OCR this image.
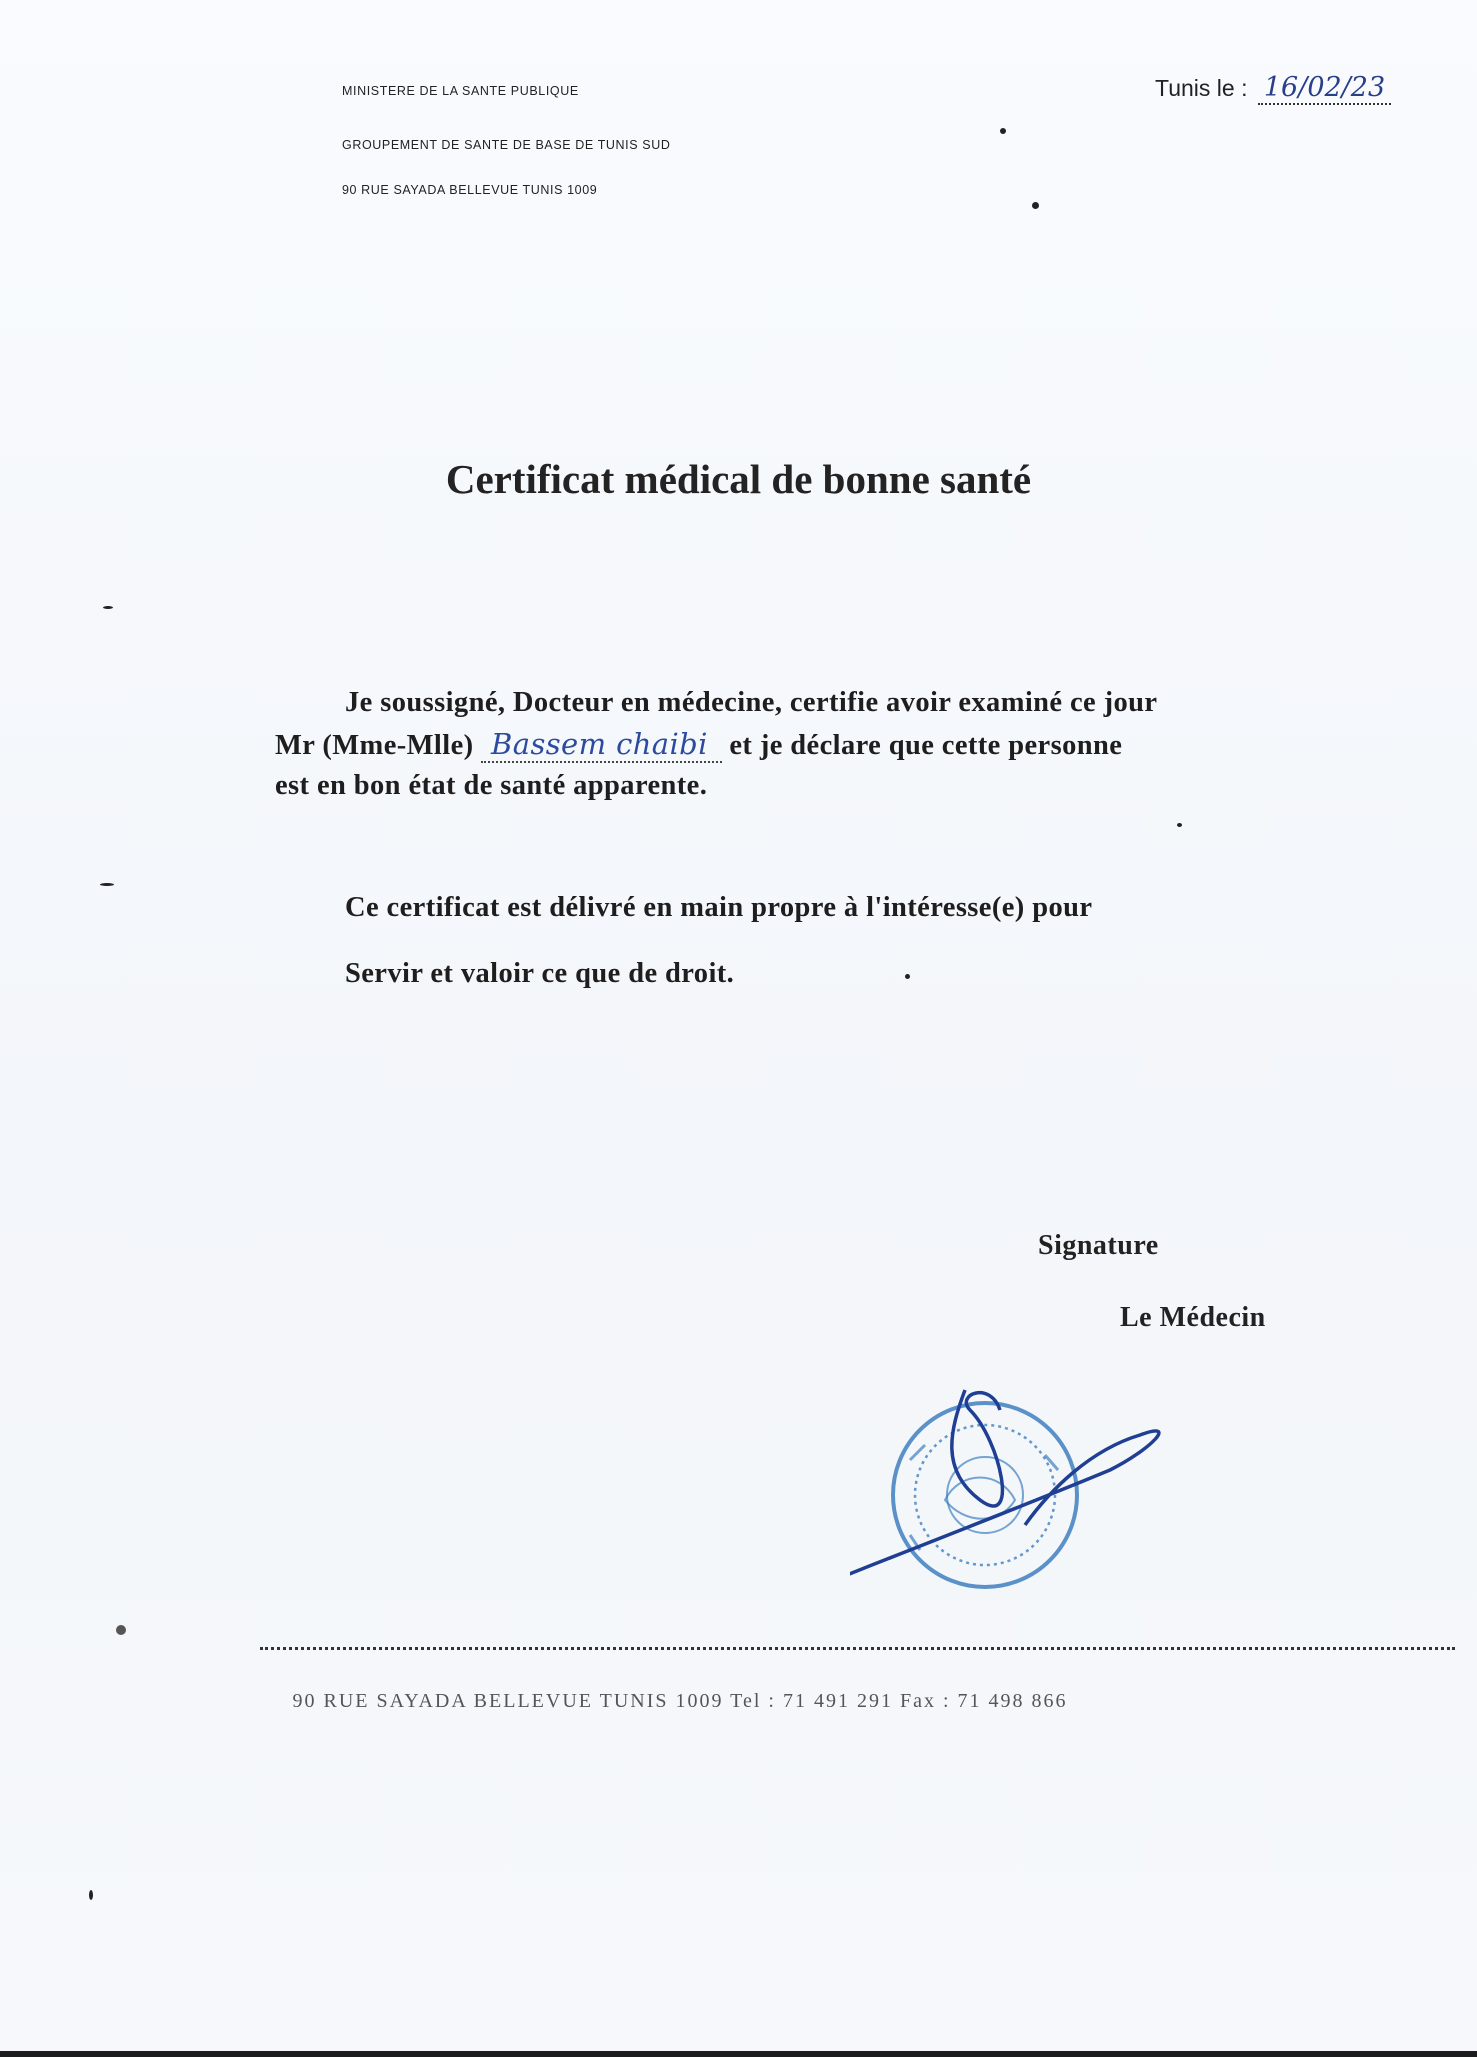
MINISTERE DE LA SANTE PUBLIQUE
GROUPEMENT DE SANTE DE BASE DE TUNIS SUD
90 RUE SAYADA BELLEVUE TUNIS 1009
Tunis le : 16/02/23
Certificat médical de bonne santé
Je soussigné, Docteur en médecine, certifie avoir examiné ce jour
Mr (Mme-Mlle) Bassem chaibi et je déclare que cette personne
est en bon état de santé apparente.
Ce certificat est délivré en main propre à l'intéresse(e) pour
Servir et valoir ce que de droit.
Signature
Le Médecin
90 RUE SAYADA BELLEVUE TUNIS 1009 Tel : 71 491 291 Fax : 71 498 866
